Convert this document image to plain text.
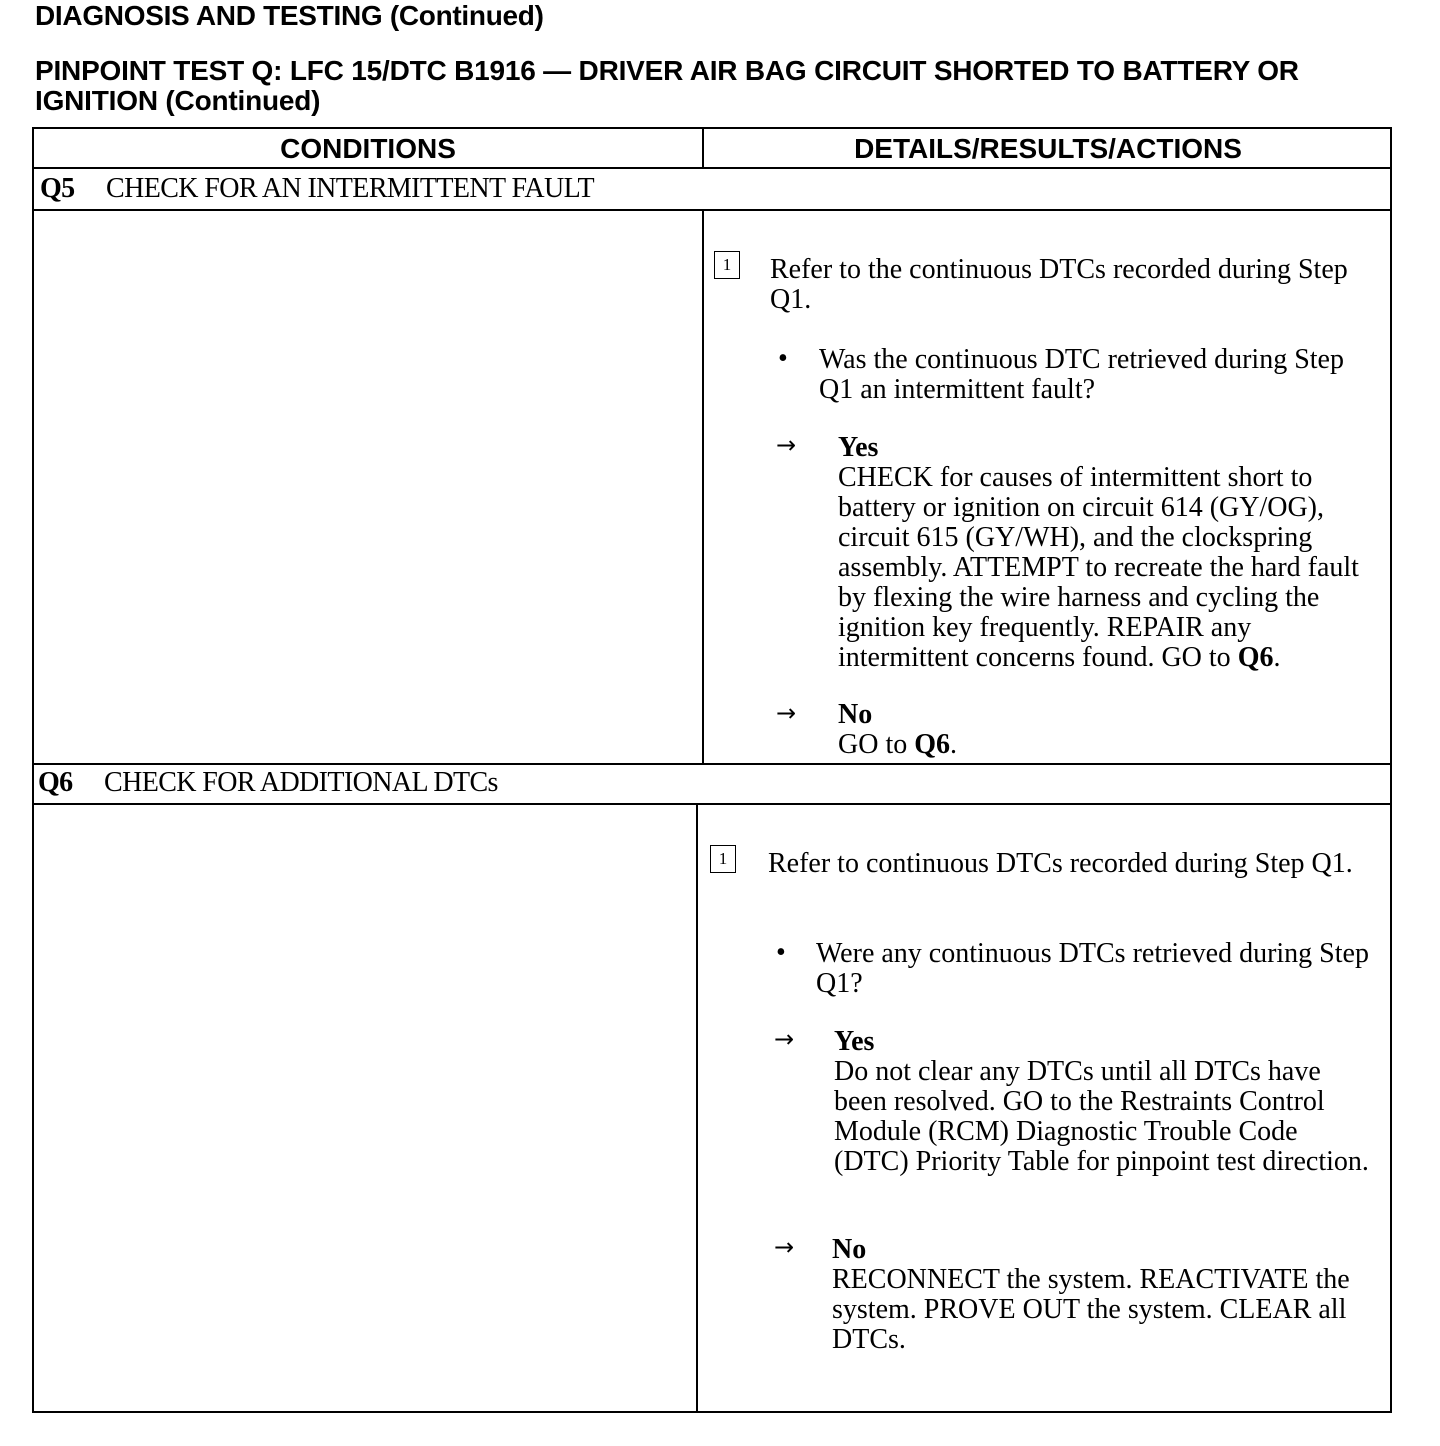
DIAGNOSIS AND TESTING (Continued)
PINPOINT TEST Q: LFC 15/DTC B1916 — DRIVER AIR BAG CIRCUIT SHORTED TO BATTERY OR IGNITION (Continued)
CONDITIONS	DETAILS/RESULTS/ACTIONS
Q5 CHECK FOR AN INTERMITTENT FAULT
1	Refer to the continuous DTCs recorded during Step Q1.
• Was the continuous DTC retrieved during Step Q1 an intermittent fault?
→ Yes
CHECK for causes of intermittent short to battery or ignition on circuit 614 (GY/OG), circuit 615 (GY/WH), and the clockspring assembly. ATTEMPT to recreate the hard fault by flexing the wire harness and cycling the ignition key frequently. REPAIR any intermittent concerns found. GO to Q6.
→ No
GO to Q6.
Q6 CHECK FOR ADDITIONAL DTCs
1	Refer to continuous DTCs recorded during Step Q1.
• Were any continuous DTCs retrieved during Step Q1?
→ Yes
Do not clear any DTCs until all DTCs have been resolved. GO to the Restraints Control Module (RCM) Diagnostic Trouble Code (DTC) Priority Table for pinpoint test direction.
→ No
RECONNECT the system. REACTIVATE the system. PROVE OUT the system. CLEAR all DTCs.
